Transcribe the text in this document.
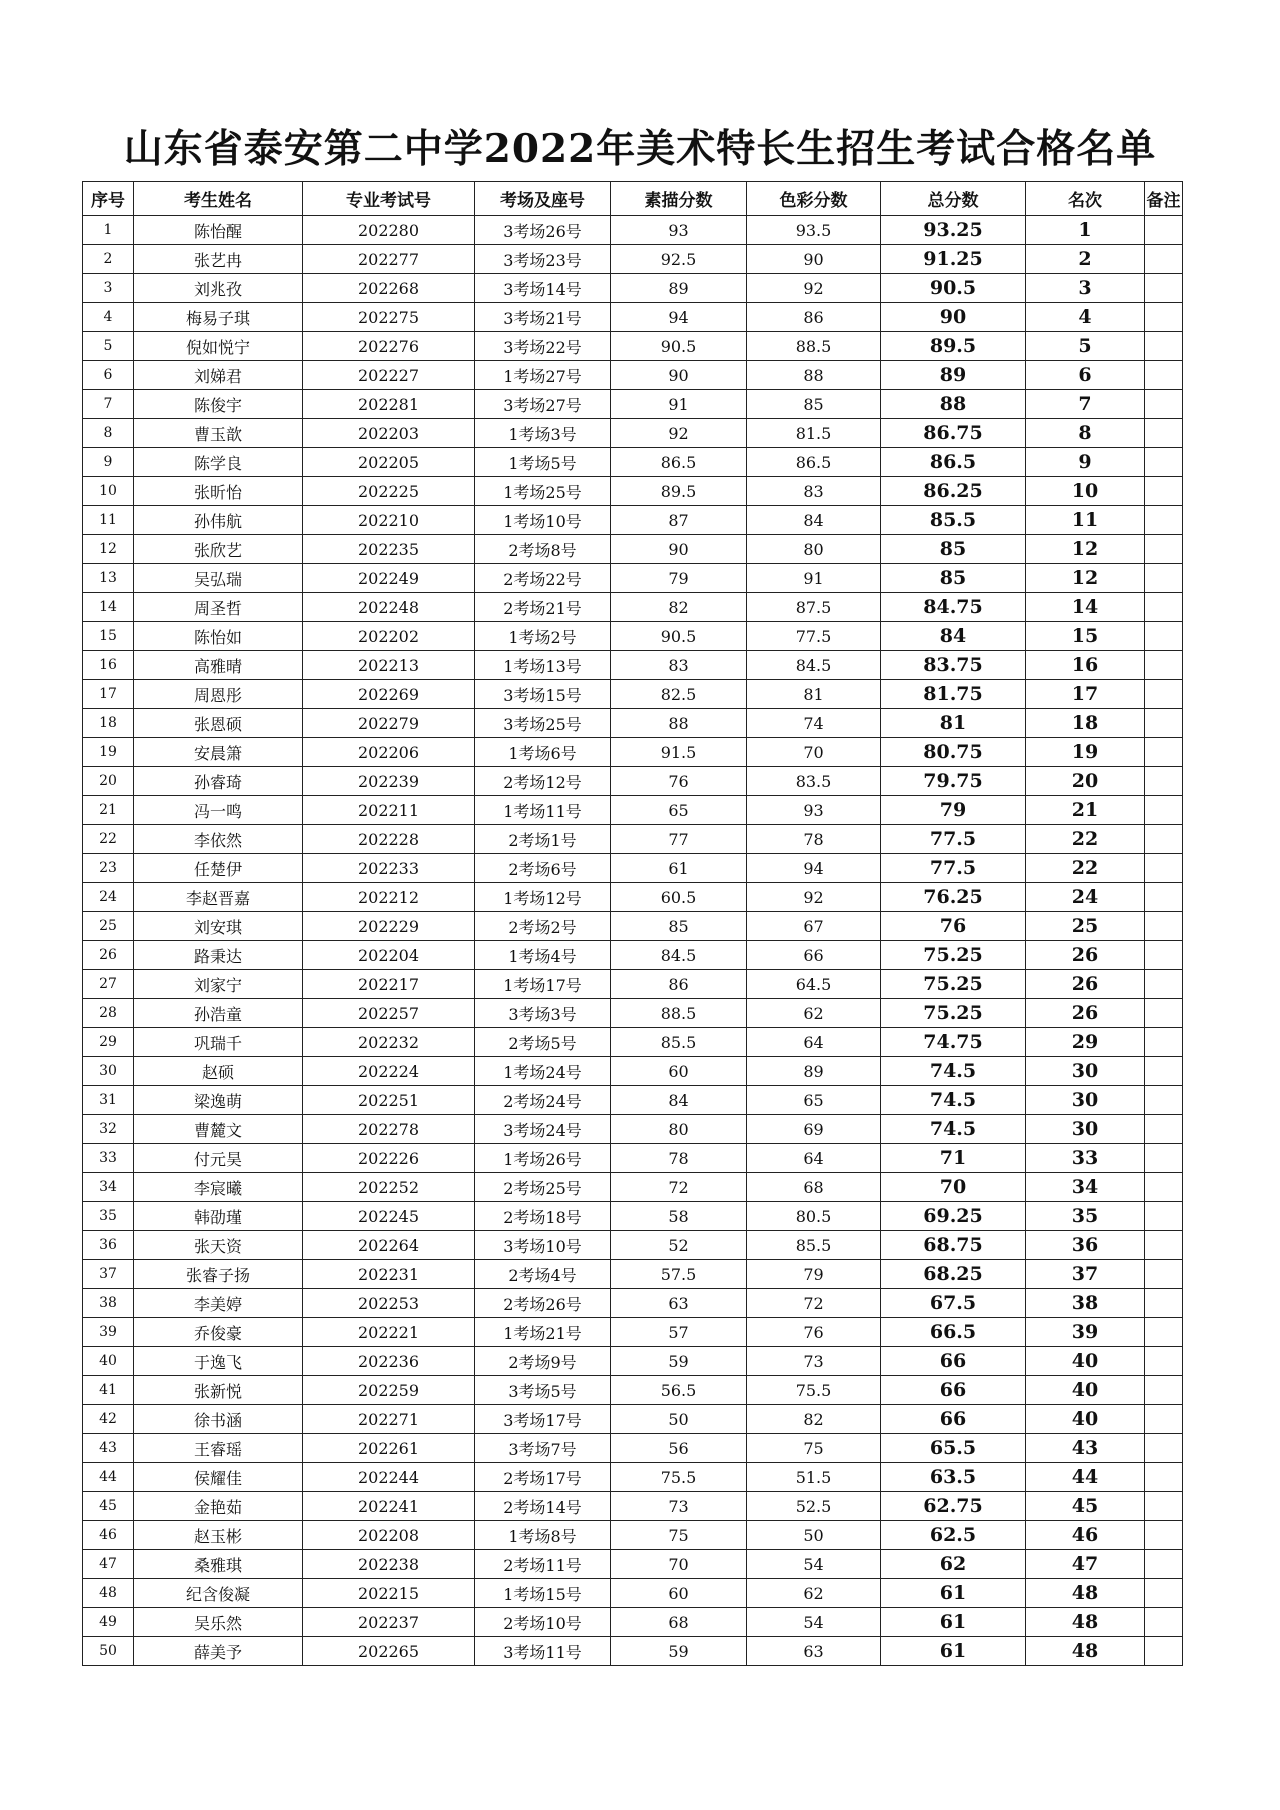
山东省泰安第二中学2022年美术特长生招生考试合格名单
序号	考生姓名	专业考试号	考场及座号	素描分数	色彩分数	总分数	名次	备注
1	陈怡醒	202280	3考场26号	93	93.5	93.25	1	
2	张艺冉	202277	3考场23号	92.5	90	91.25	2	
3	刘兆孜	202268	3考场14号	89	92	90.5	3	
4	梅易子琪	202275	3考场21号	94	86	90	4	
5	倪如悦宁	202276	3考场22号	90.5	88.5	89.5	5	
6	刘娣君	202227	1考场27号	90	88	89	6	
7	陈俊宇	202281	3考场27号	91	85	88	7	
8	曹玉歆	202203	1考场3号	92	81.5	86.75	8	
9	陈学良	202205	1考场5号	86.5	86.5	86.5	9	
10	张昕怡	202225	1考场25号	89.5	83	86.25	10	
11	孙伟航	202210	1考场10号	87	84	85.5	11	
12	张欣艺	202235	2考场8号	90	80	85	12	
13	吴弘瑞	202249	2考场22号	79	91	85	12	
14	周圣哲	202248	2考场21号	82	87.5	84.75	14	
15	陈怡如	202202	1考场2号	90.5	77.5	84	15	
16	高雅晴	202213	1考场13号	83	84.5	83.75	16	
17	周恩彤	202269	3考场15号	82.5	81	81.75	17	
18	张恩硕	202279	3考场25号	88	74	81	18	
19	安晨箫	202206	1考场6号	91.5	70	80.75	19	
20	孙睿琦	202239	2考场12号	76	83.5	79.75	20	
21	冯一鸣	202211	1考场11号	65	93	79	21	
22	李依然	202228	2考场1号	77	78	77.5	22	
23	任楚伊	202233	2考场6号	61	94	77.5	22	
24	李赵晋嘉	202212	1考场12号	60.5	92	76.25	24	
25	刘安琪	202229	2考场2号	85	67	76	25	
26	路秉达	202204	1考场4号	84.5	66	75.25	26	
27	刘家宁	202217	1考场17号	86	64.5	75.25	26	
28	孙浩童	202257	3考场3号	88.5	62	75.25	26	
29	巩瑞千	202232	2考场5号	85.5	64	74.75	29	
30	赵硕	202224	1考场24号	60	89	74.5	30	
31	梁逸萌	202251	2考场24号	84	65	74.5	30	
32	曹麓文	202278	3考场24号	80	69	74.5	30	
33	付元昊	202226	1考场26号	78	64	71	33	
34	李宸曦	202252	2考场25号	72	68	70	34	
35	韩劭瑾	202245	2考场18号	58	80.5	69.25	35	
36	张天资	202264	3考场10号	52	85.5	68.75	36	
37	张睿子扬	202231	2考场4号	57.5	79	68.25	37	
38	李美婷	202253	2考场26号	63	72	67.5	38	
39	乔俊豪	202221	1考场21号	57	76	66.5	39	
40	于逸飞	202236	2考场9号	59	73	66	40	
41	张新悦	202259	3考场5号	56.5	75.5	66	40	
42	徐书涵	202271	3考场17号	50	82	66	40	
43	王睿瑶	202261	3考场7号	56	75	65.5	43	
44	侯耀佳	202244	2考场17号	75.5	51.5	63.5	44	
45	金艳茹	202241	2考场14号	73	52.5	62.75	45	
46	赵玉彬	202208	1考场8号	75	50	62.5	46	
47	桑雅琪	202238	2考场11号	70	54	62	47	
48	纪含俊凝	202215	1考场15号	60	62	61	48	
49	吴乐然	202237	2考场10号	68	54	61	48	
50	薛美予	202265	3考场11号	59	63	61	48	
